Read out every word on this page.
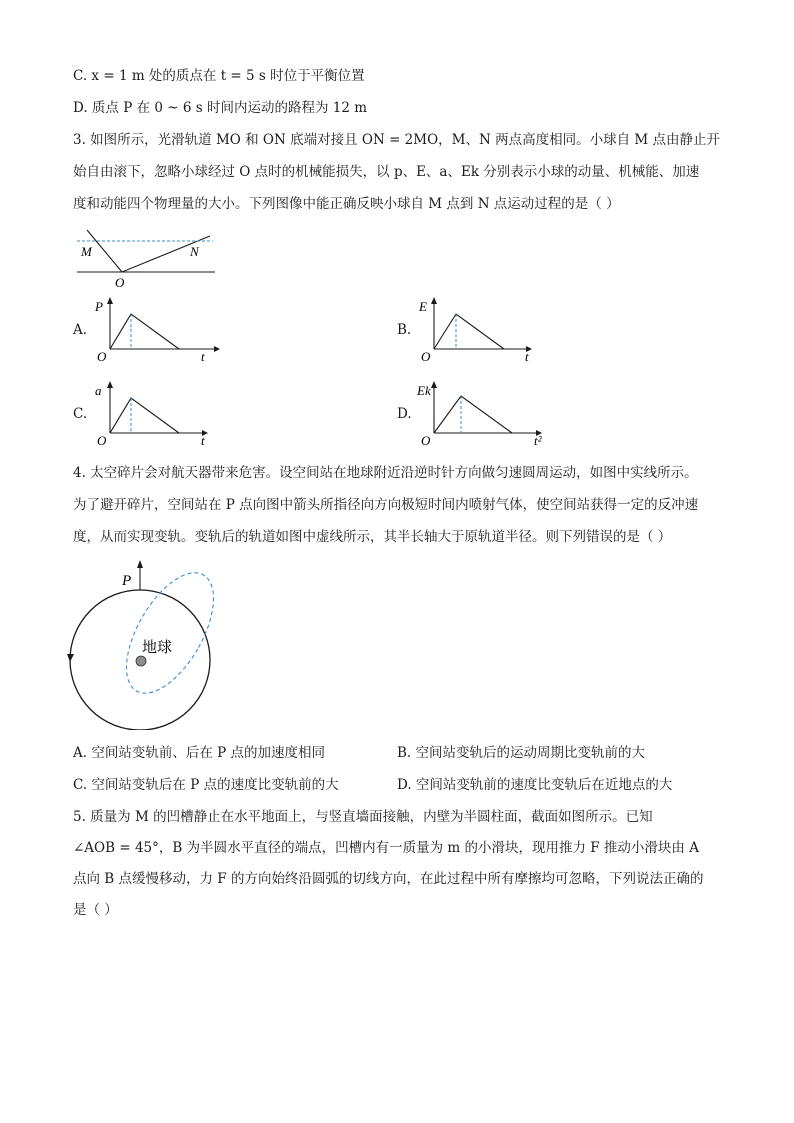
C. x = 1 m 处的质点在 t = 5 s 时位于平衡位置
D. 质点 P 在 0 ~ 6 s 时间内运动的路程为 12 m
3. 如图所示，光滑轨道 MO 和 ON 底端对接且 ON = 2MO，M、N 两点高度相同。小球自 M 点由静止开
始自由滚下，忽略小球经过 O 点时的机械能损失，以 p、E、a、Ek 分别表示小球的动量、机械能、加速
度和动能四个物理量的大小。下列图像中能正确反映小球自 M 点到 N 点运动过程的是（ ）
M	N
O
A.
P
t
O
B.
E
t
O
C.
a
t
O
D.
Ek
t²
O
4. 太空碎片会对航天器带来危害。设空间站在地球附近沿逆时针方向做匀速圆周运动，如图中实线所示。
为了避开碎片，空间站在 P 点向图中箭头所指径向方向极短时间内喷射气体，使空间站获得一定的反冲速
度，从而实现变轨。变轨后的轨道如图中虚线所示，其半长轴大于原轨道半径。则下列错误的是（ ）
P
地球
A. 空间站变轨前、后在 P 点的加速度相同	B. 空间站变轨后的运动周期比变轨前的大
C. 空间站变轨后在 P 点的速度比变轨前的大	D. 空间站变轨前的速度比变轨后在近地点的大
5. 质量为 M 的凹槽静止在水平地面上，与竖直墙面接触，内壁为半圆柱面，截面如图所示。已知
∠AOB = 45°，B 为半圆水平直径的端点，凹槽内有一质量为 m 的小滑块，现用推力 F 推动小滑块由 A
点向 B 点缓慢移动，力 F 的方向始终沿圆弧的切线方向，在此过程中所有摩擦均可忽略，下列说法正确的
是（ ）
